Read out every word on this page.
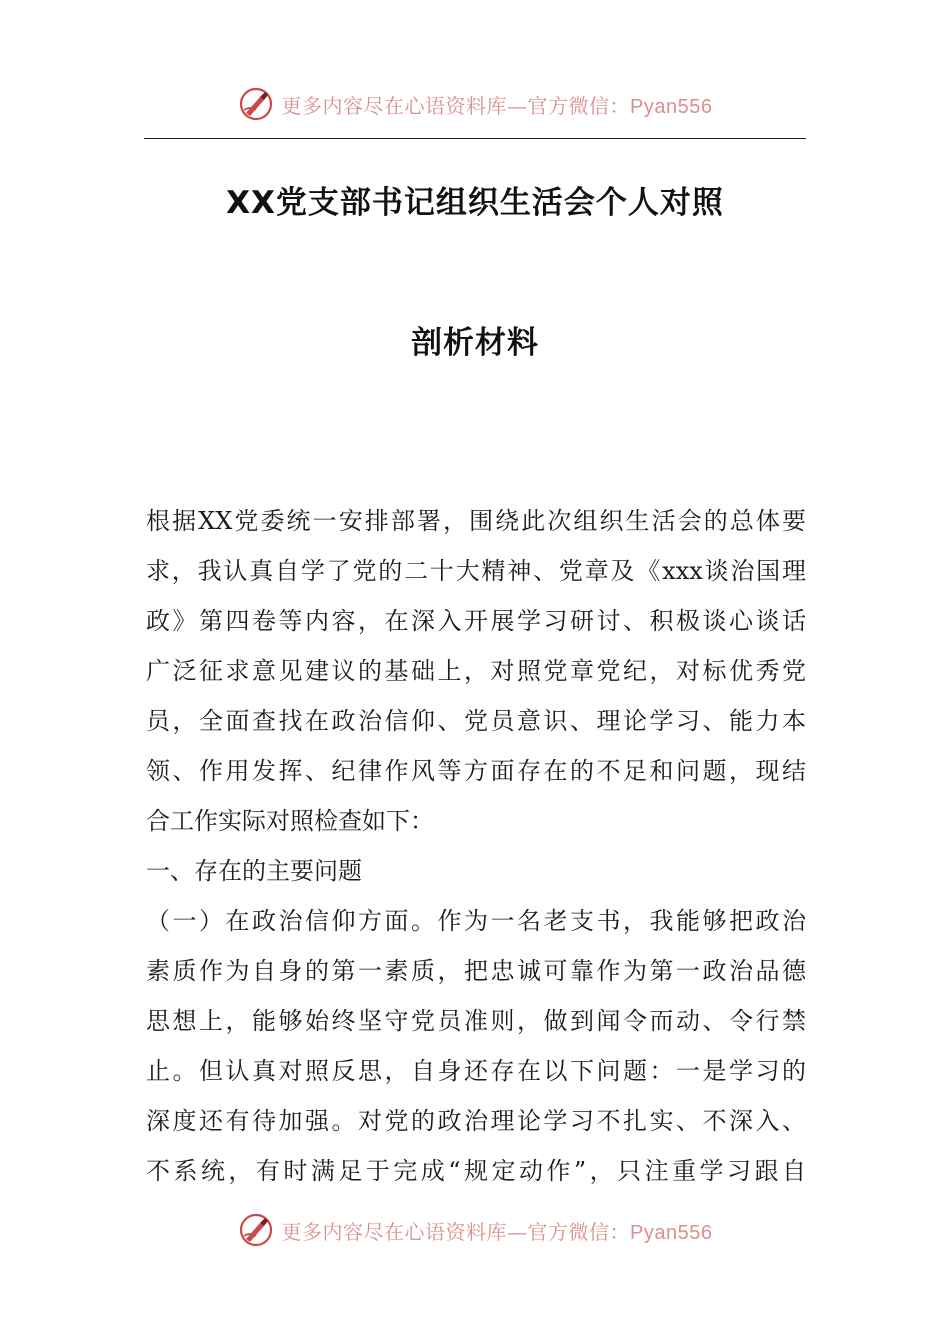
更多内容尽在心语资料库—官方微信：Pyan556
XX党支部书记组织生活会个人对照
剖析材料
根据XX党委统一安排部署，围绕此次组织生活会的总体要
求，我认真自学了党的二十大精神、党章及《xxx谈治国理
政》第四卷等内容，在深入开展学习研讨、积极谈心谈话
广泛征求意见建议的基础上，对照党章党纪，对标优秀党
员，全面查找在政治信仰、党员意识、理论学习、能力本
领、作用发挥、纪律作风等方面存在的不足和问题，现结
合工作实际对照检查如下：
一、存在的主要问题
（一）在政治信仰方面。作为一名老支书，我能够把政治
素质作为自身的第一素质，把忠诚可靠作为第一政治品德
思想上，能够始终坚守党员准则，做到闻令而动、令行禁
止。但认真对照反思，自身还存在以下问题：一是学习的
深度还有待加强。对党的政治理论学习不扎实、不深入、
不系统，有时满足于完成“规定动作”，只注重学习跟自
更多内容尽在心语资料库—官方微信：Pyan556
